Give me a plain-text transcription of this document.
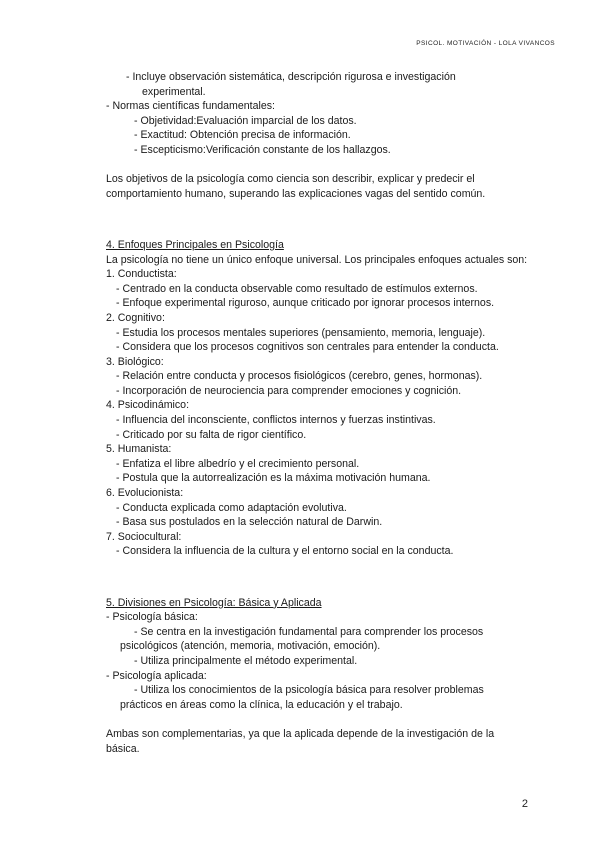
PSICOL. MOTIVACIÓN - LOLA VIVANCOS
- Incluye observación sistemática, descripción rigurosa e investigación
experimental.
- Normas científicas fundamentales:
- Objetividad:Evaluación imparcial de los datos.
- Exactitud: Obtención precisa de información.
- Escepticismo:Verificación constante de los hallazgos.
Los objetivos de la psicología como ciencia son describir, explicar y predecir el comportamiento humano, superando las explicaciones vagas del sentido común.
4. Enfoques Principales en Psicología
La psicología no tiene un único enfoque universal. Los principales enfoques actuales son:
1. Conductista:
- Centrado en la conducta observable como resultado de estímulos externos.
- Enfoque experimental riguroso, aunque criticado por ignorar procesos internos.
2. Cognitivo:
- Estudia los procesos mentales superiores (pensamiento, memoria, lenguaje).
- Considera que los procesos cognitivos son centrales para entender la conducta.
3. Biológico:
- Relación entre conducta y procesos fisiológicos (cerebro, genes, hormonas).
- Incorporación de neurociencia para comprender emociones y cognición.
4. Psicodinámico:
- Influencia del inconsciente, conflictos internos y fuerzas instintivas.
- Criticado por su falta de rigor científico.
5. Humanista:
- Enfatiza el libre albedrío y el crecimiento personal.
- Postula que la autorrealización es la máxima motivación humana.
6. Evolucionista:
- Conducta explicada como adaptación evolutiva.
- Basa sus postulados en la selección natural de Darwin.
7. Sociocultural:
- Considera la influencia de la cultura y el entorno social en la conducta.
5. Divisiones en Psicología: Básica y Aplicada
- Psicología básica:
- Se centra en la investigación fundamental para comprender los procesos
psicológicos (atención, memoria, motivación, emoción).
- Utiliza principalmente el método experimental.
- Psicología aplicada:
- Utiliza los conocimientos de la psicología básica para resolver problemas
prácticos en áreas como la clínica, la educación y el trabajo.
Ambas son complementarias, ya que la aplicada depende de la investigación de la básica.
2
